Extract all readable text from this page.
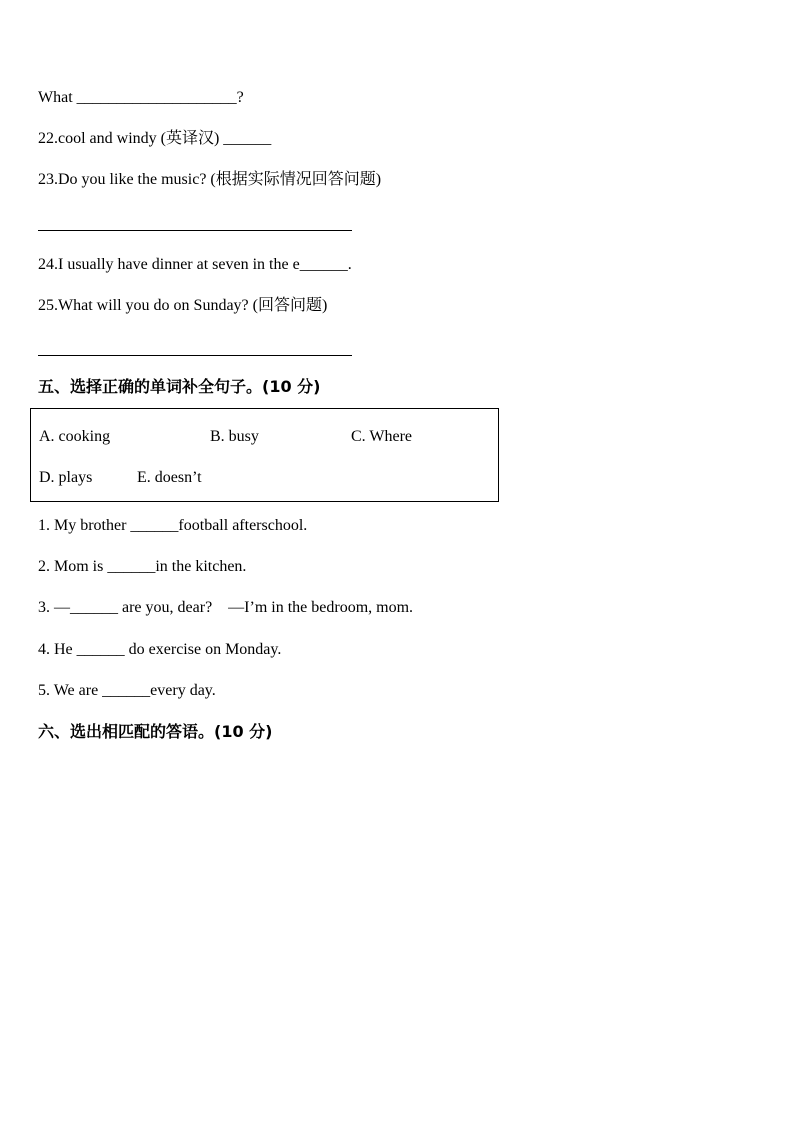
What ____________________?
22.cool and windy (英译汉) ______
23.Do you like the music? (根据实际情况回答问题)
24.I usually have dinner at seven in the e______.
25.What will you do on Sunday? (回答问题)
五、选择正确的单词补全句子。(10 分)
A. cooking	B. busy	C. Where
D. plays	E. doesn’t
1. My brother ______football afterschool.
2. Mom is ______in the kitchen.
3. —______ are you, dear?    —I’m in the bedroom, mom.
4. He ______ do exercise on Monday.
5. We are ______every day.
六、选出相匹配的答语。(10 分)
